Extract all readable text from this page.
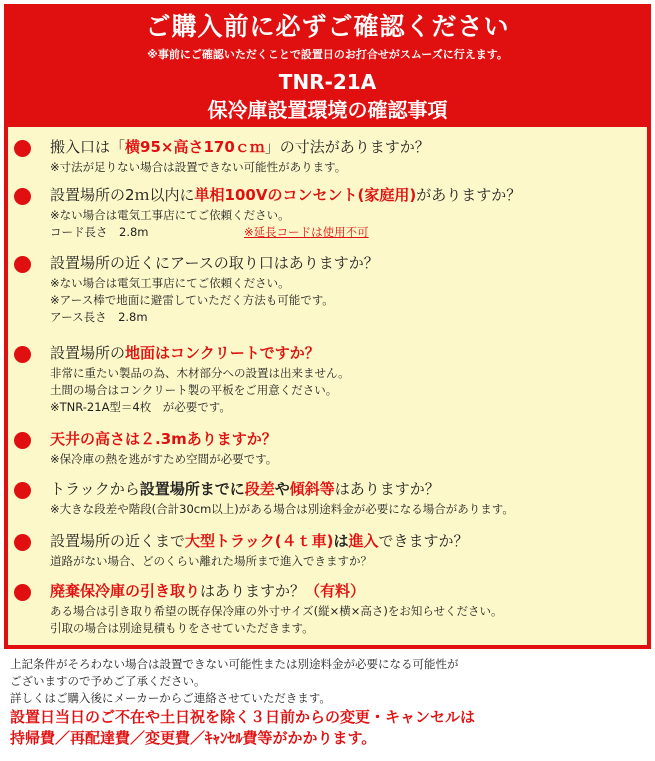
ご購入前に必ずご確認ください
※事前にご確認いただくことで設置日のお打合せがスムーズに行えます。
TNR-21A
保冷庫設置環境の確認事項
搬入口は「横95×高さ170ｃｍ」の寸法がありますか？
※寸法が足りない場合は設置できない可能性があります。
設置場所の2ｍ以内に単相100Vのコンセント(家庭用)がありますか？
※ない場合は電気工事店にてご依頼ください。
コード長さ　2.8m	※延長コードは使用不可
設置場所の近くにアースの取り口はありますか？
※ない場合は電気工事店にてご依頼ください。
※アース棒で地面に避雷していただく方法も可能です。
アース長さ　2.8m
設置場所の地面はコンクリートですか？
非常に重たい製品の為、木材部分への設置は出来ません。
土間の場合はコンクリート製の平板をご用意ください。
※TNR-21A型＝4枚　が必要です。
天井の高さは２.3mありますか？
※保冷庫の熱を逃がすため空間が必要です。
トラックから設置場所までに段差や傾斜等はありますか？
※大きな段差や階段(合計30cm以上)がある場合は別途料金が必要になる場合があります。
設置場所の近くまで大型トラック(４ｔ車)は進入できますか？
道路がない場合、どのくらい離れた場所まで進入できますか？
廃棄保冷庫の引き取りはありますか？（有料）
ある場合は引き取り希望の既存保冷庫の外寸サイズ(縦×横×高さ)をお知らせください。
引取の場合は別途見積もりをさせていただきます。
上記条件がそろわない場合は設置できない可能性または別途料金が必要になる可能性が
ございますので予めご了承ください。
詳しくはご購入後にメーカーからご連絡させていただきます。
設置日当日のご不在や土日祝を除く３日前からの変更・キャンセルは
持帰費／再配達費／変更費／ｷｬﾝｾﾙ費等がかかります。
